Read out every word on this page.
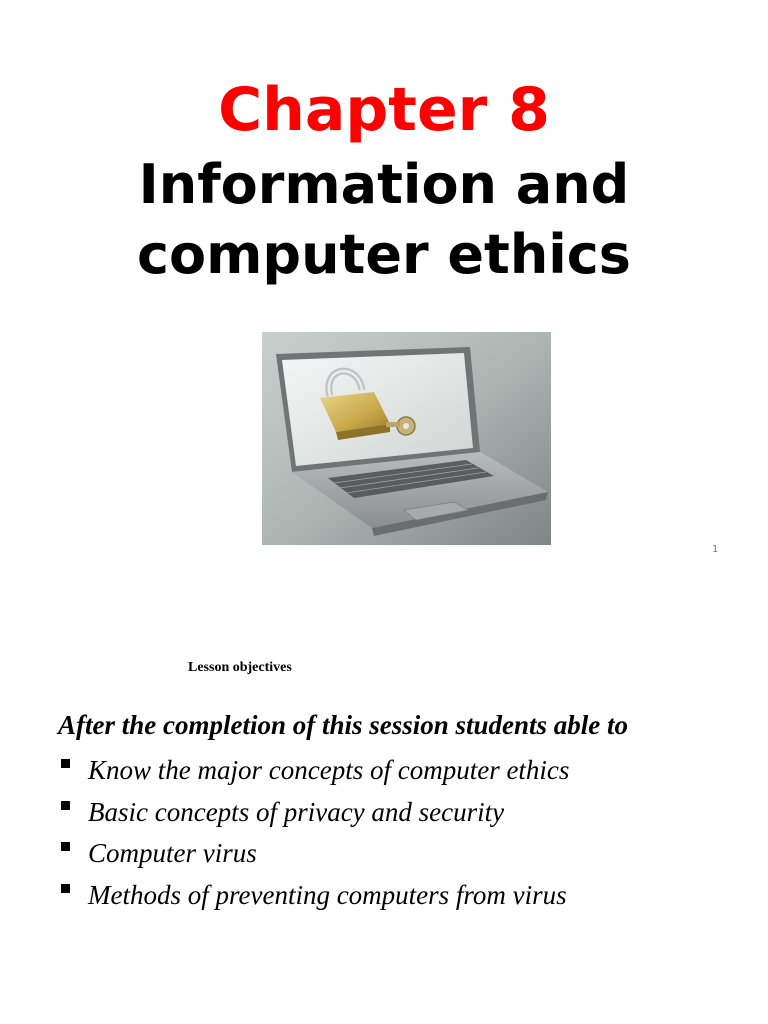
Chapter 8
Information and
computer ethics
1
Lesson objectives
After the completion of this session students able to
Know the major concepts of computer ethics
Basic concepts of privacy and security
Computer virus
Methods of preventing computers from virus
